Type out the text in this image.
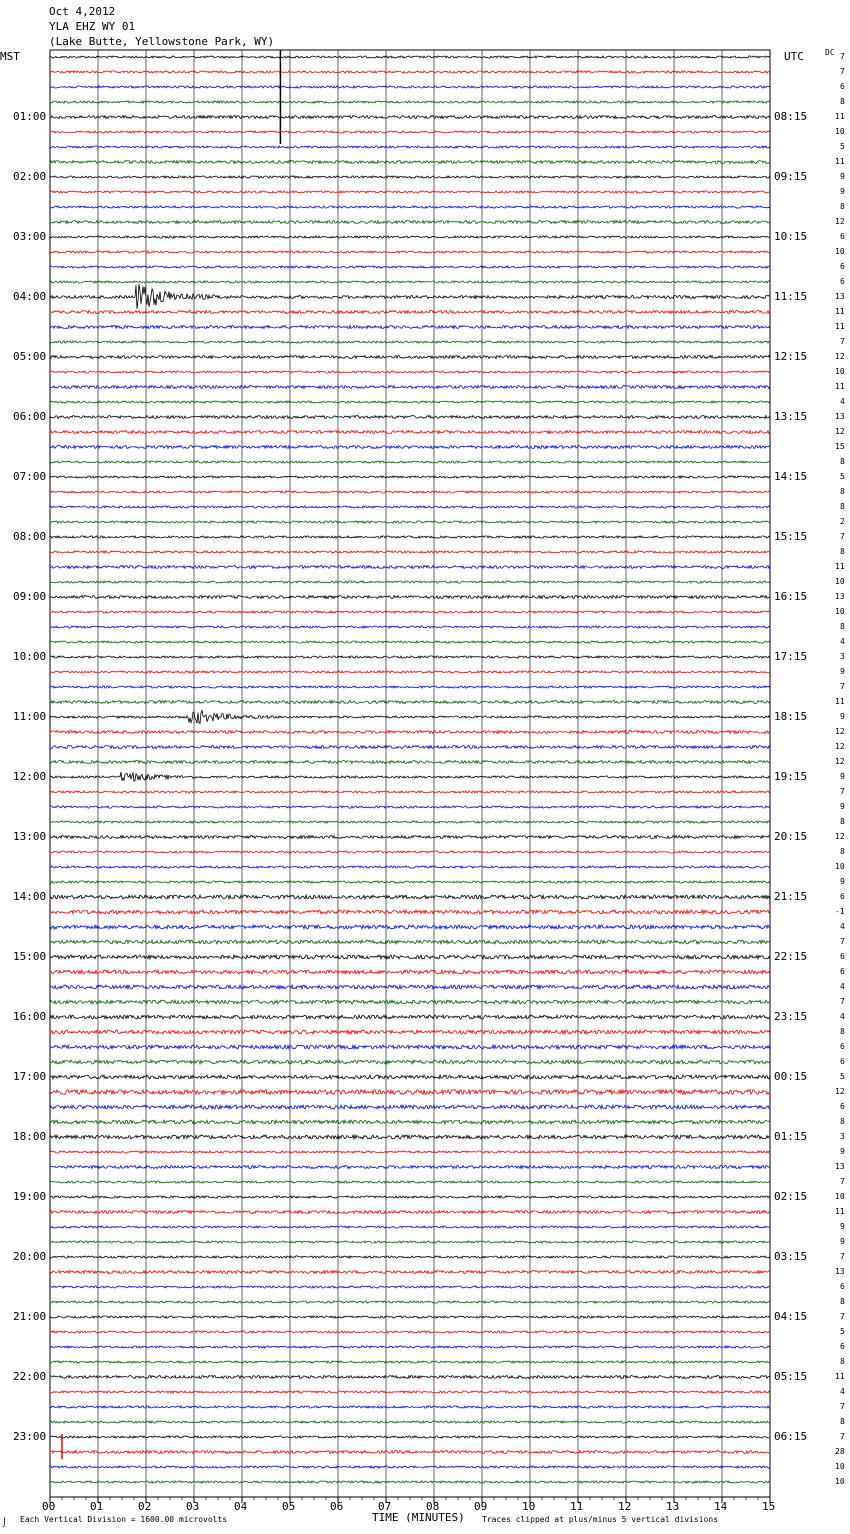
Oct 4,2012
YLA EHZ WY 01
(Lake Butte, Yellowstone Park, WY)
MST	UTC	DC
01:00
02:00
03:00
04:00
05:00
06:00
07:00
08:00
09:00
10:00
11:00
12:00
13:00
14:00
15:00
16:00
17:00
18:00
19:00
20:00
21:00
22:00
23:00
08:15
09:15
10:15
11:15
12:15
13:15
14:15
15:15
16:15
17:15
18:15
19:15
20:15
21:15
22:15
23:15
00:15
01:15
02:15
03:15
04:15
05:15
06:15
7
7
6
8
11
10
5
11
9
9
8
12
6
10
6
6
13
11
11
7
12
10
11
4
13
12
15
8
5
8
8
2
7
8
11
10
13
10
8
4
3
9
7
11
9
12
12
12
9
7
9
8
12
8
10
9
6
-1
4
7
6
6
4
7
4
8
6
6
5
12
6
8
3
9
13
7
10
11
9
9
7
13
6
8
7
5
6
8
11
4
7
8
7
28
10
10
00	01	02	03	04	05	06	07	08	09	10	11	12	13	14	15
TIME (MINUTES)
Each Vertical Division = 1600.00 microvolts	Traces clipped at plus/minus 5 vertical divisions
⌡
